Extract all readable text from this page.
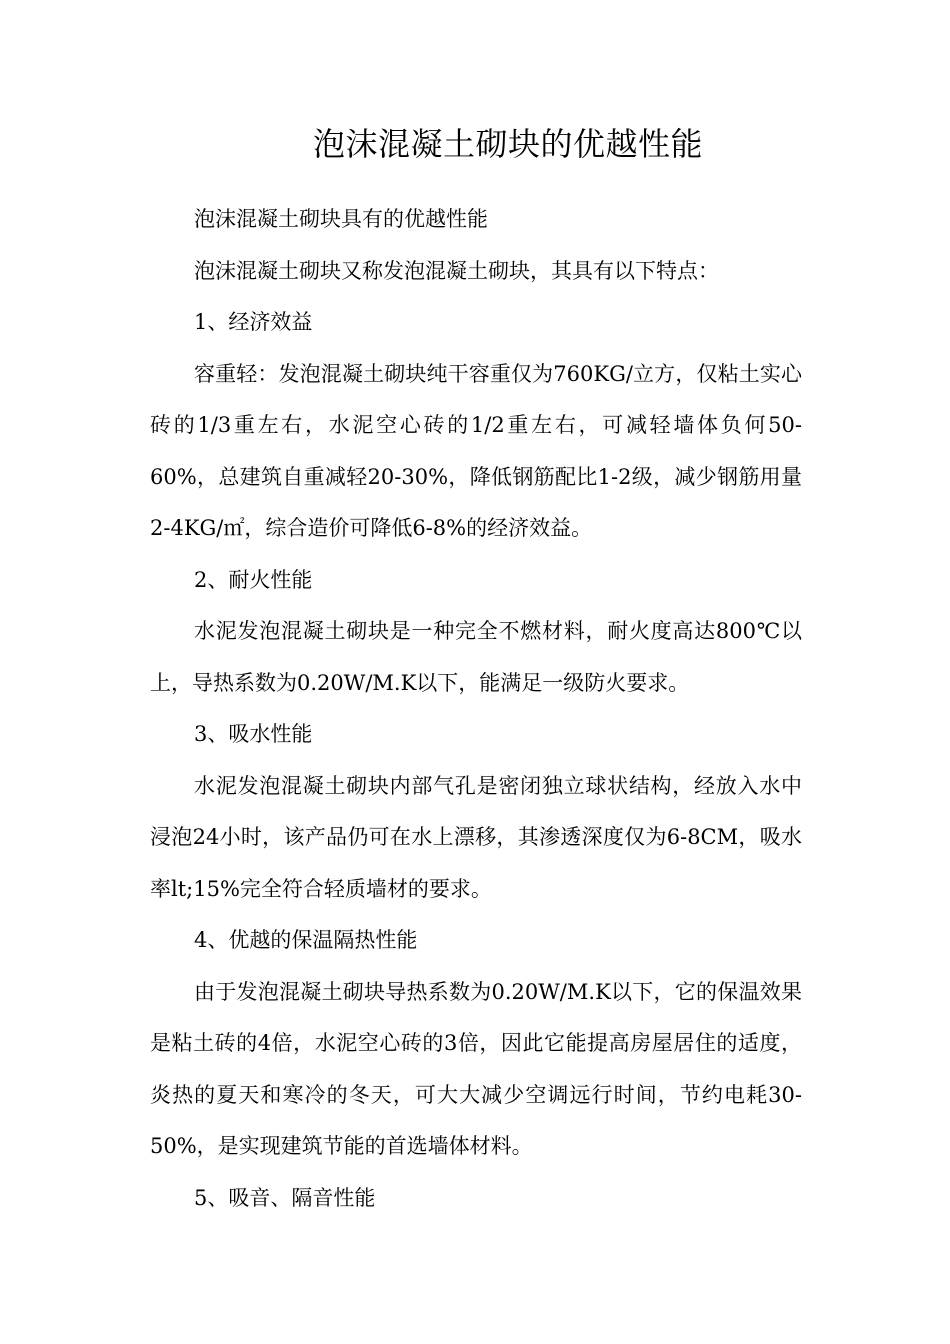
泡沫混凝土砌块的优越性能

泡沫混凝土砌块具有的优越性能

泡沫混凝土砌块又称发泡混凝土砌块，其具有以下特点：

1、经济效益

容重轻：发泡混凝土砌块纯干容重仅为760KG/立方，仅粘土实心砖的1/3重左右，水泥空心砖的1/2重左右，可减轻墙体负何50-60%，总建筑自重减轻20-30%，降低钢筋配比1-2级，减少钢筋用量2-4KG/㎡，综合造价可降低6-8%的经济效益。

2、耐火性能

水泥发泡混凝土砌块是一种完全不燃材料，耐火度高达800℃以上，导热系数为0.20W/M.K以下，能满足一级防火要求。

3、吸水性能

水泥发泡混凝土砌块内部气孔是密闭独立球状结构，经放入水中浸泡24小时，该产品仍可在水上漂移，其渗透深度仅为6-8CM，吸水率lt;15%完全符合轻质墙材的要求。

4、优越的保温隔热性能

由于发泡混凝土砌块导热系数为0.20W/M.K以下，它的保温效果是粘土砖的4倍，水泥空心砖的3倍，因此它能提高房屋居住的适度，炎热的夏天和寒冷的冬天，可大大减少空调远行时间，节约电耗30-50%，是实现建筑节能的首选墙体材料。

5、吸音、隔音性能
